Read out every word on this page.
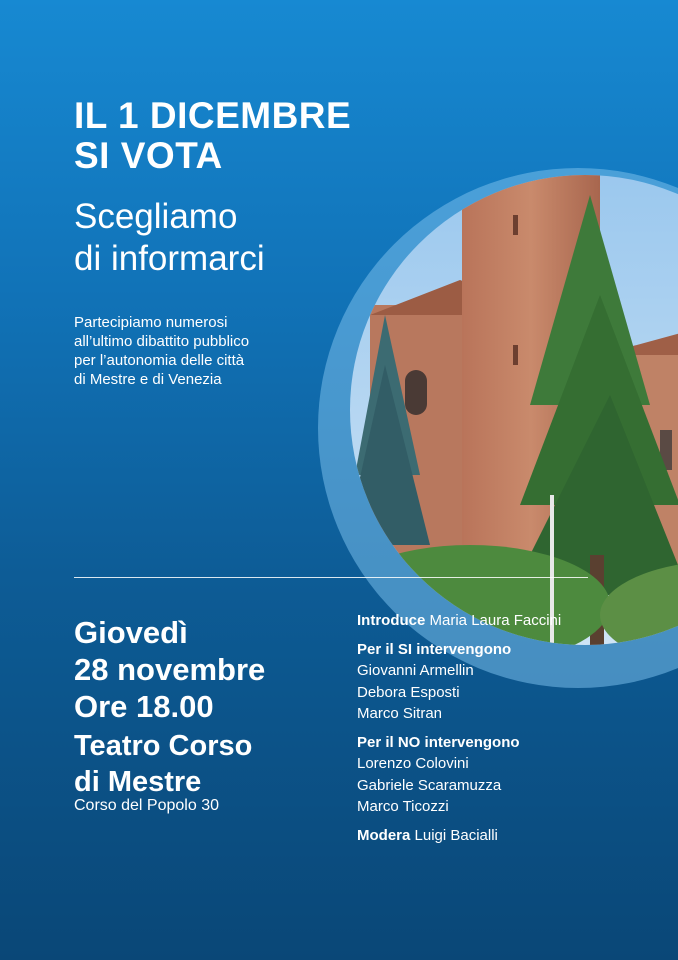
IL 1 DICEMBRE
SI VOTA
Scegliamo
di informarci

Partecipiamo numerosi
all’ultimo dibattito pubblico
per l’autonomia delle città
di Mestre e di Venezia

Giovedì
28 novembre
Ore 18.00
Teatro Corso
di Mestre
Corso del Popolo 30
Introduce Maria Laura Faccini
Per il SI intervengono
Giovanni Armellin
Debora Esposti
Marco Sitran
Per il NO intervengono
Lorenzo Colovini
Gabriele Scaramuzza
Marco Ticozzi
Modera Luigi Bacialli
